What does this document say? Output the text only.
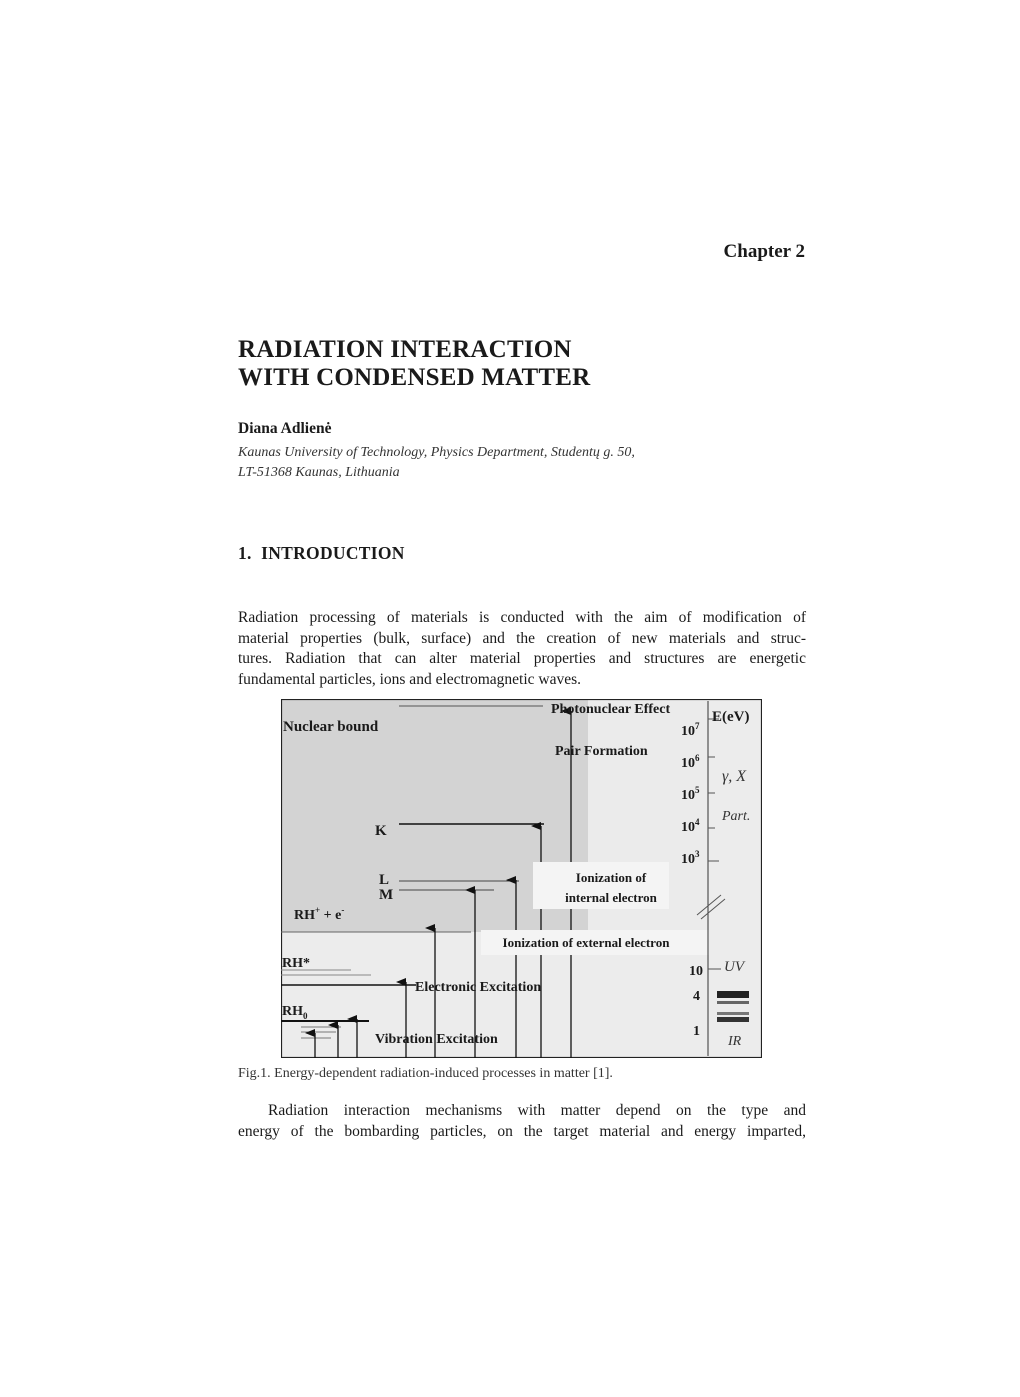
Chapter 2
RADIATION INTERACTION
WITH CONDENSED MATTER
Diana Adlienė
Kaunas University of Technology, Physics Department, Studentų g. 50,
LT-51368 Kaunas, Lithuania
1. INTRODUCTION
Radiation processing of materials is conducted with the aim of modification of
material properties (bulk, surface) and the creation of new materials and struc-
tures. Radiation that can alter material properties and structures are energetic
fundamental particles, ions and electromagnetic waves.
Nuclear bound
Photonuclear Effect
Pair Formation
K
L
M
RH+ + e-
RH*
Electronic Excitation
$RH_0$
Vibration Excitation
Ionization of
internal electron
Ionization of external electron
E(eV)
$10^7$
$10^6$
$10^5$
$10^4$
$10^3$
10
4
1
γ, X
Part.
UV
IR
Fig.1. Energy-dependent radiation-induced processes in matter [1].
Radiation interaction mechanisms with matter depend on the type and
energy of the bombarding particles, on the target material and energy imparted,
